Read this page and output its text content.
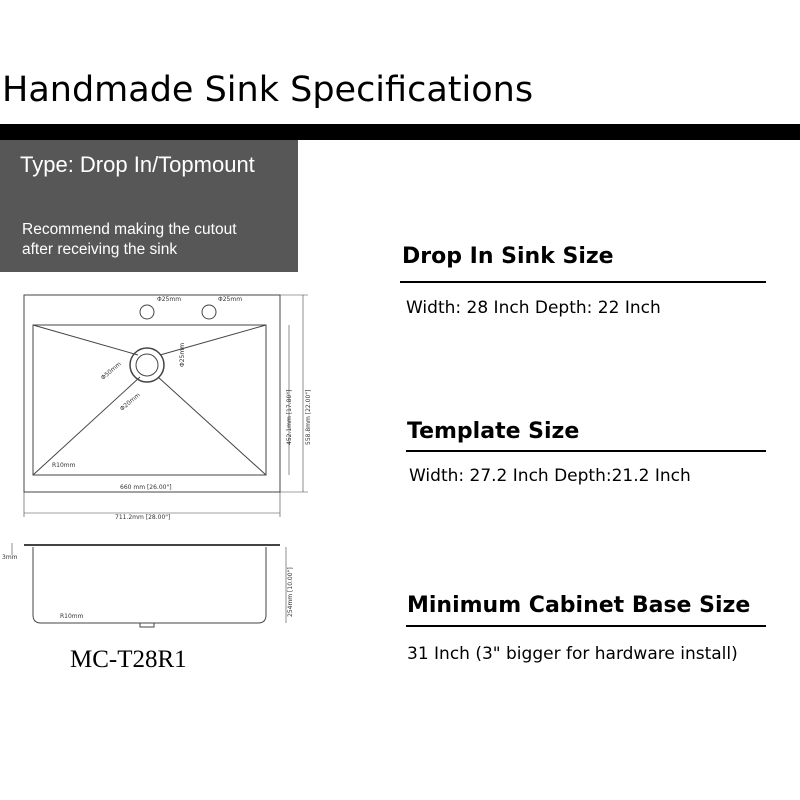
Handmade Sink Specifications
Type: Drop In/Topmount
Recommend making the cutout
after receiving the sink	Drop In Sink Size
Width: 28 Inch Depth: 22 Inch
Template Size
Width: 27.2 Inch Depth:21.2 Inch
Minimum Cabinet Base Size
31 Inch (3" bigger for hardware install)
Φ25mm	Φ25mm
Φ50mm
Φ20mm
Φ25mm
R10mm
660 mm [26.00"]
711.2mm [28.00"]
452.1mm [17.80"] 558.8mm [22.00"]
3mm
254mm [10.00"]
R10mm
MC-T28R1
